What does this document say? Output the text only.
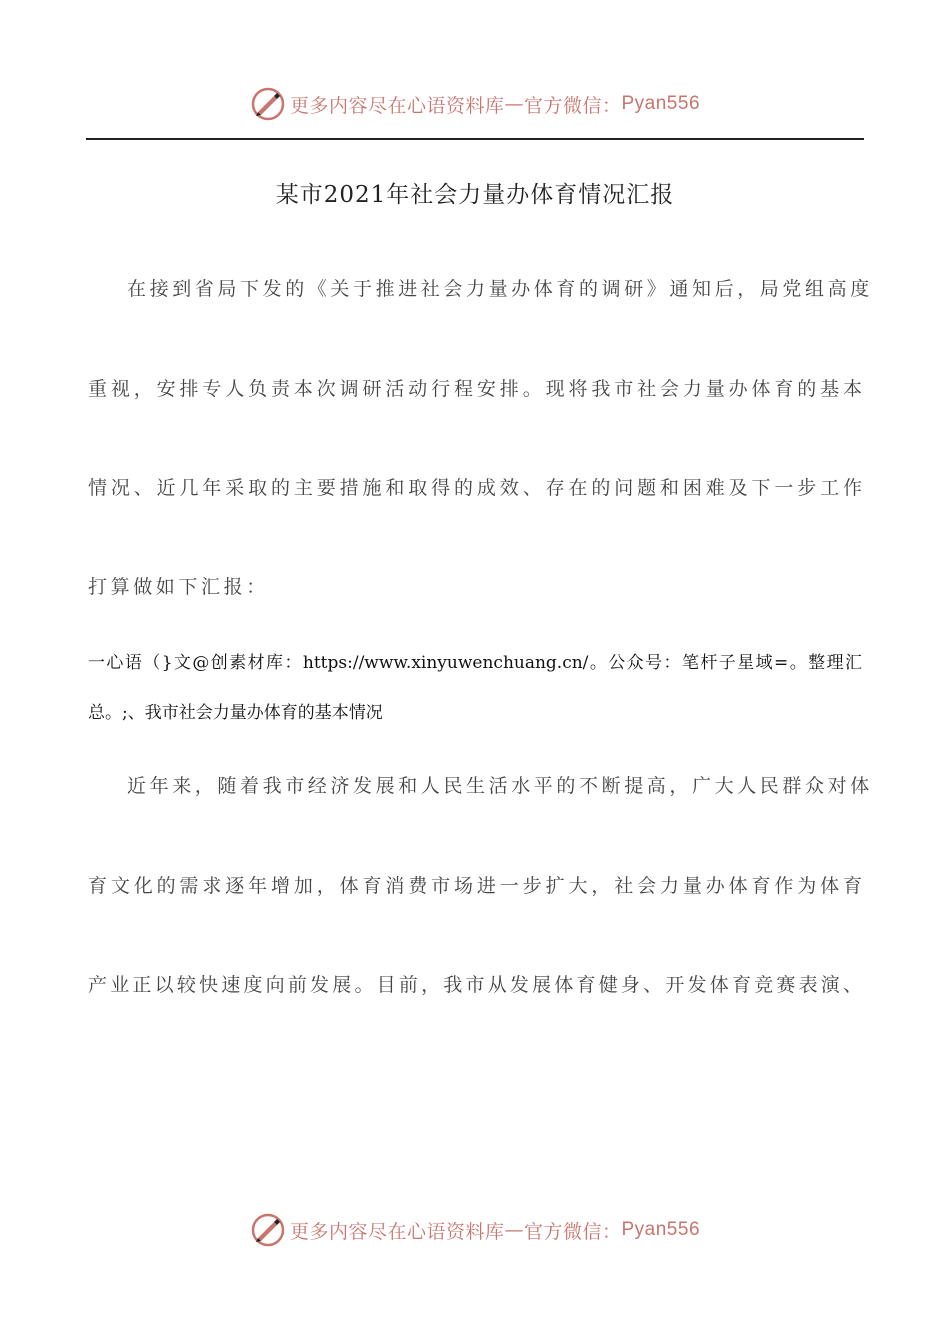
更多内容尽在心语资料库 — 官方微信： Pyan556
某市2021年社会力量办体育情况汇报
在接到省局下发的《关于推进社会力量办体育的调研》通知后，局党组高度
重视，安排专人负责本次调研活动行程安排。现将我市社会力量办体育的基本
情况、近几年采取的主要措施和取得的成效、存在的问题和困难及下一步工作
打算做如下汇报：
一心语（}文@创素材库：https://www.xinyuwenchuang.cn/。公众号：笔杆子星域=。整理汇
总。;、我市社会力量办体育的基本情况
近年来，随着我市经济发展和人民生活水平的不断提高，广大人民群众对体
育文化的需求逐年增加，体育消费市场进一步扩大，社会力量办体育作为体育
产业正以较快速度向前发展。目前，我市从发展体育健身、开发体育竞赛表演、
更多内容尽在心语资料库 — 官方微信： Pyan556
